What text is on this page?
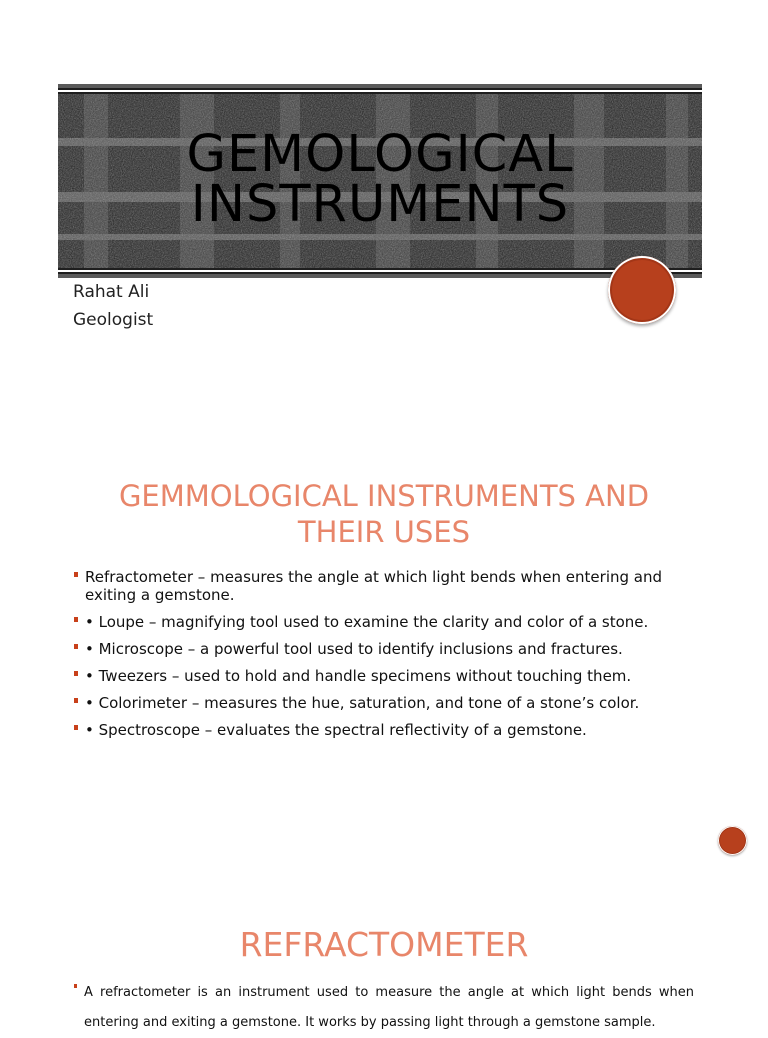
GEMOLOGICAL
INSTRUMENTS
Rahat Ali
Geologist
GEMMOLOGICAL INSTRUMENTS AND
THEIR USES
Refractometer – measures the angle at which light bends when entering and exiting a gemstone.
• Loupe – magnifying tool used to examine the clarity and color of a stone.
• Microscope – a powerful tool used to identify inclusions and fractures.
• Tweezers – used to hold and handle specimens without touching them.
• Colorimeter – measures the hue, saturation, and tone of a stone’s color.
• Spectroscope – evaluates the spectral reflectivity of a gemstone.
REFRACTOMETER

A refractometer is an instrument used to measure the angle at which light bends when entering and exiting a gemstone. It works by passing light through a gemstone sample.
